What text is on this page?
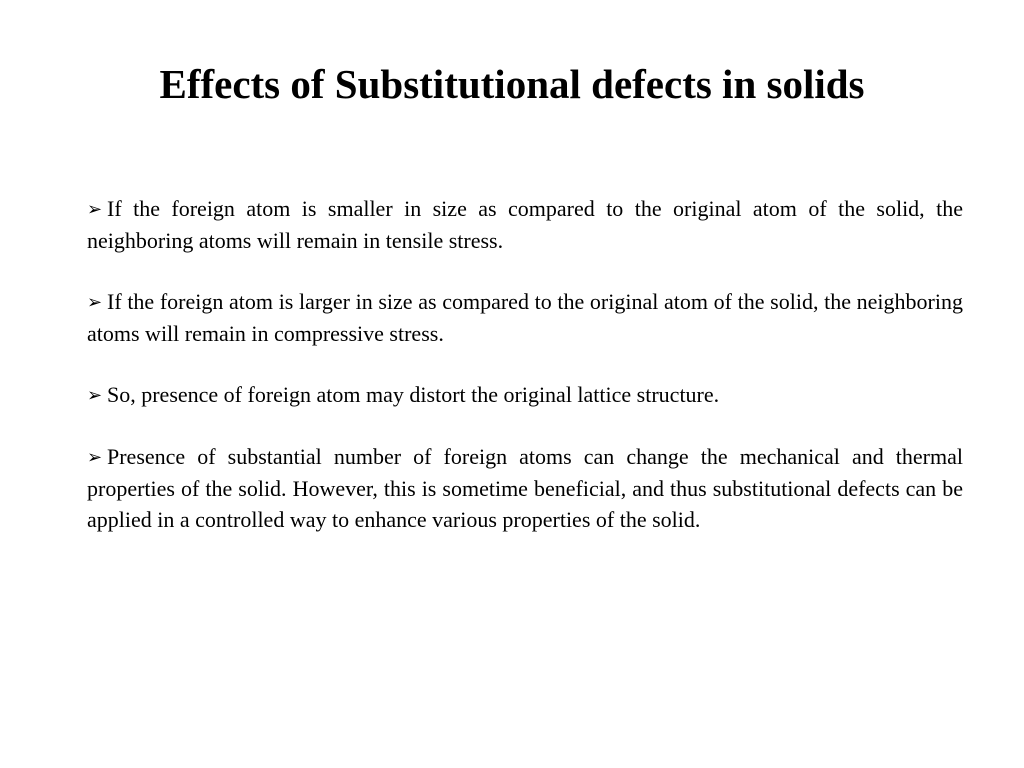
Effects of Substitutional defects in solids

➢ If the foreign atom is smaller in size as compared to the original atom of the solid, the neighboring atoms will remain in tensile stress.

➢ If the foreign atom is larger in size as compared to the original atom of the solid, the neighboring atoms will remain in compressive stress.

➢ So, presence of foreign atom may distort the original lattice structure.

➢ Presence of substantial number of foreign atoms can change the mechanical and thermal properties of the solid. However, this is sometime beneficial, and thus substitutional defects can be applied in a controlled way to enhance various properties of the solid.
